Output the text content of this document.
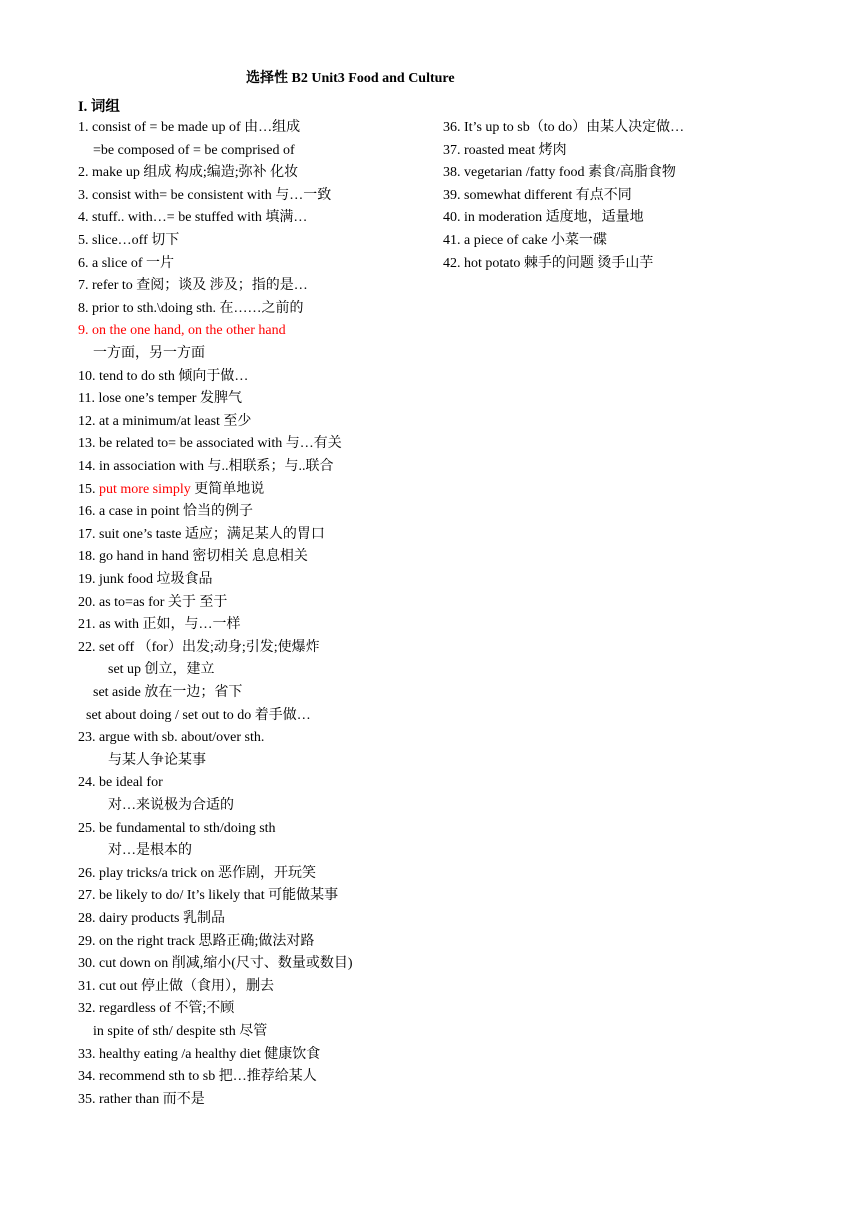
选择性 B2 Unit3 Food and Culture
I. 词组
1. consist of = be made up of 由…组成
=be composed of = be comprised of
2. make up 组成 构成;编造;弥补 化妆
3. consist with= be consistent with 与…一致
4. stuff.. with…= be stuffed with 填满…
5. slice…off 切下
6. a slice of 一片
7. refer to 查阅；谈及 涉及；指的是…
8. prior to sth.\doing sth. 在……之前的
9. on the one hand, on the other hand
一方面，另一方面
10. tend to do sth 倾向于做…
11. lose one’s temper 发脾气
12. at a minimum/at least 至少
13. be related to= be associated with 与…有关
14. in association with 与..相联系；与..联合
15. put more simply 更简单地说
16. a case in point 恰当的例子
17. suit one’s taste 适应；满足某人的胃口
18. go hand in hand 密切相关 息息相关
19. junk food 垃圾食品
20. as to=as for 关于 至于
21. as with 正如，与…一样
22. set off （for）出发;动身;引发;使爆炸
set up 创立，建立
set aside 放在一边；省下
set about doing / set out to do 着手做…
23. argue with sb. about/over sth.
与某人争论某事
24. be ideal for
对…来说极为合适的
25. be fundamental to sth/doing sth
对…是根本的
26. play tricks/a trick on 恶作剧，开玩笑
27. be likely to do/ It’s likely that 可能做某事
28. dairy products 乳制品
29. on the right track 思路正确;做法对路
30. cut down on 削减,缩小(尺寸、数量或数目)
31. cut out 停止做（食用），删去
32. regardless of 不管;不顾
in spite of sth/ despite sth 尽管
33. healthy eating /a healthy diet 健康饮食
34. recommend sth to sb 把…推荐给某人
35. rather than 而不是
36. It’s up to sb（to do）由某人决定做…
37. roasted meat 烤肉
38. vegetarian /fatty food 素食/高脂食物
39. somewhat different 有点不同
40. in moderation 适度地，适量地
41. a piece of cake 小菜一碟
42. hot potato 棘手的问题 烫手山芋
